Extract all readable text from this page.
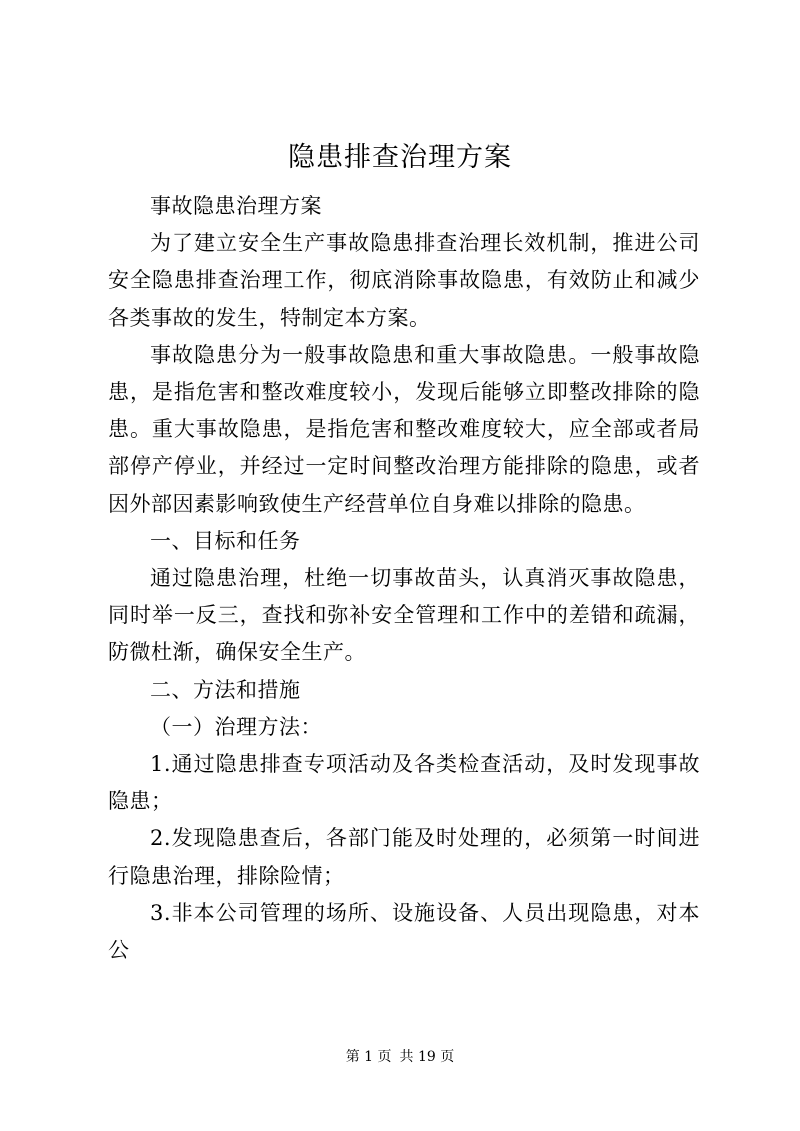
隐患排查治理方案

事故隐患治理方案

为了建立安全生产事故隐患排查治理长效机制，推进公司安全隐患排查治理工作，彻底消除事故隐患，有效防止和减少各类事故的发生，特制定本方案。

事故隐患分为一般事故隐患和重大事故隐患。一般事故隐患，是指危害和整改难度较小，发现后能够立即整改排除的隐患。重大事故隐患，是指危害和整改难度较大，应全部或者局部停产停业，并经过一定时间整改治理方能排除的隐患，或者因外部因素影响致使生产经营单位自身难以排除的隐患。

一、目标和任务

通过隐患治理，杜绝一切事故苗头，认真消灭事故隐患，同时举一反三，查找和弥补安全管理和工作中的差错和疏漏，防微杜渐，确保安全生产。

二、方法和措施

（一）治理方法：

1.通过隐患排查专项活动及各类检查活动，及时发现事故隐患；

2.发现隐患查后，各部门能及时处理的，必须第一时间进行隐患治理，排除险情；

3.非本公司管理的场所、设施设备、人员出现隐患，对本公

第 1 页 共 19 页
